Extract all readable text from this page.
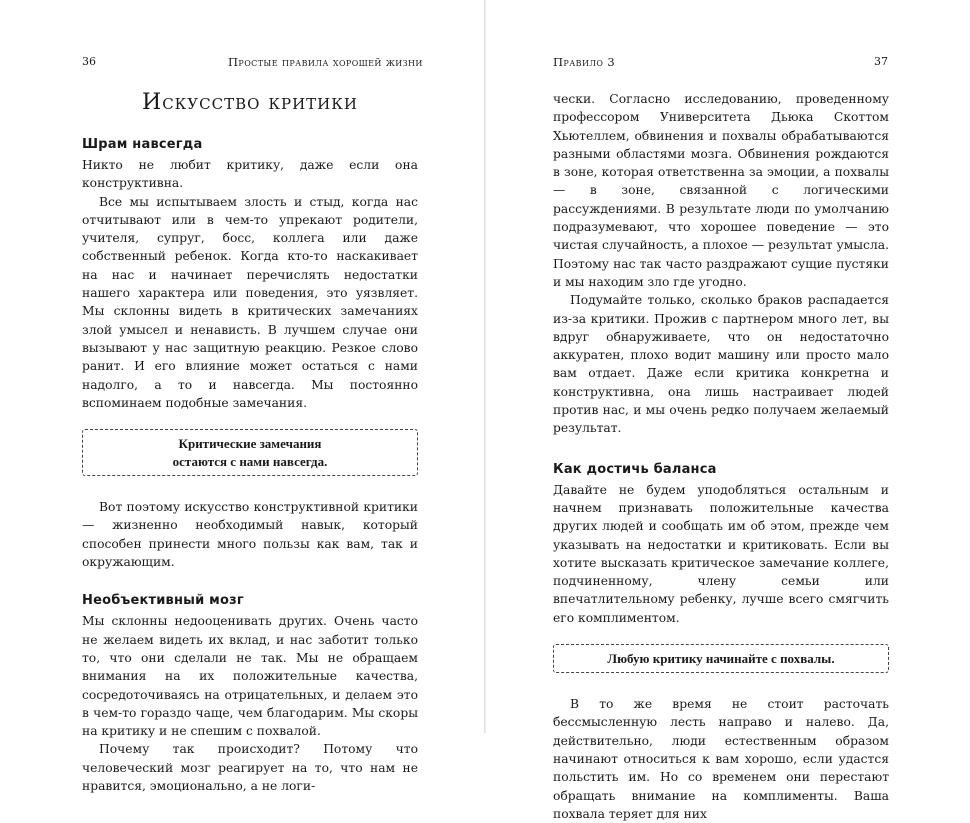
36	Простые правила хорошей жизни
Искусство критики
Шрам навсегда

Никто не любит критику, даже если она конструктивна.

Все мы испытываем злость и стыд, когда нас отчитывают или в чем-то упрекают родители, учителя, супруг, босс, коллега или даже собственный ребенок. Когда кто-то наскакивает на нас и начинает перечислять недостатки нашего характера или поведения, это уязвляет. Мы склонны видеть в критических замечаниях злой умысел и ненависть. В лучшем случае они вызывают у нас защитную реакцию. Резкое слово ранит. И его влияние может остаться с нами надолго, а то и навсегда. Мы постоянно вспоминаем подобные замечания.

Критические замечания
остаются с нами навсегда.

Вот поэтому искусство конструктивной критики — жизненно необходимый навык, который способен принести много пользы как вам, так и окружающим.

Необъективный мозг

Мы склонны недооценивать других. Очень часто не желаем видеть их вклад, и нас заботит только то, что они сделали не так. Мы не обращаем внимания на их положительные качества, сосредоточиваясь на отрицательных, и делаем это в чем-то гораздо чаще, чем благодарим. Мы скоры на критику и не спешим с похвалой.

Почему так происходит? Потому что человеческий мозг реагирует на то, что нам не нравится, эмоционально, а не логи-

Правило 3	37

чески. Согласно исследованию, проведенному профессором Университета Дьюка Скоттом Хьютеллем, обвинения и похвалы обрабатываются разными областями мозга. Обвинения рождаются в зоне, которая ответственна за эмоции, а похвалы — в зоне, связанной с логическими рассуждениями. В результате люди по умолчанию подразумевают, что хорошее поведение — это чистая случайность, а плохое — результат умысла. Поэтому нас так часто раздражают сущие пустяки и мы находим зло где угодно.

Подумайте только, сколько браков распадается из-за критики. Прожив с партнером много лет, вы вдруг обнаруживаете, что он недостаточно аккуратен, плохо водит машину или просто мало вам отдает. Даже если критика конкретна и конструктивна, она лишь настраивает людей против нас, и мы очень редко получаем желаемый результат.

Как достичь баланса

Давайте не будем уподобляться остальным и начнем признавать положительные качества других людей и сообщать им об этом, прежде чем указывать на недостатки и критиковать. Если вы хотите высказать критическое замечание коллеге, подчиненному, члену семьи или впечатлительному ребенку, лучше всего смягчить его комплиментом.

Любую критику начинайте с похвалы.

В то же время не стоит расточать бессмысленную лесть направо и налево. Да, действительно, люди естественным образом начинают относиться к вам хорошо, если удастся польстить им. Но со временем они перестают обращать внимание на комплименты. Ваша похвала теряет для них
